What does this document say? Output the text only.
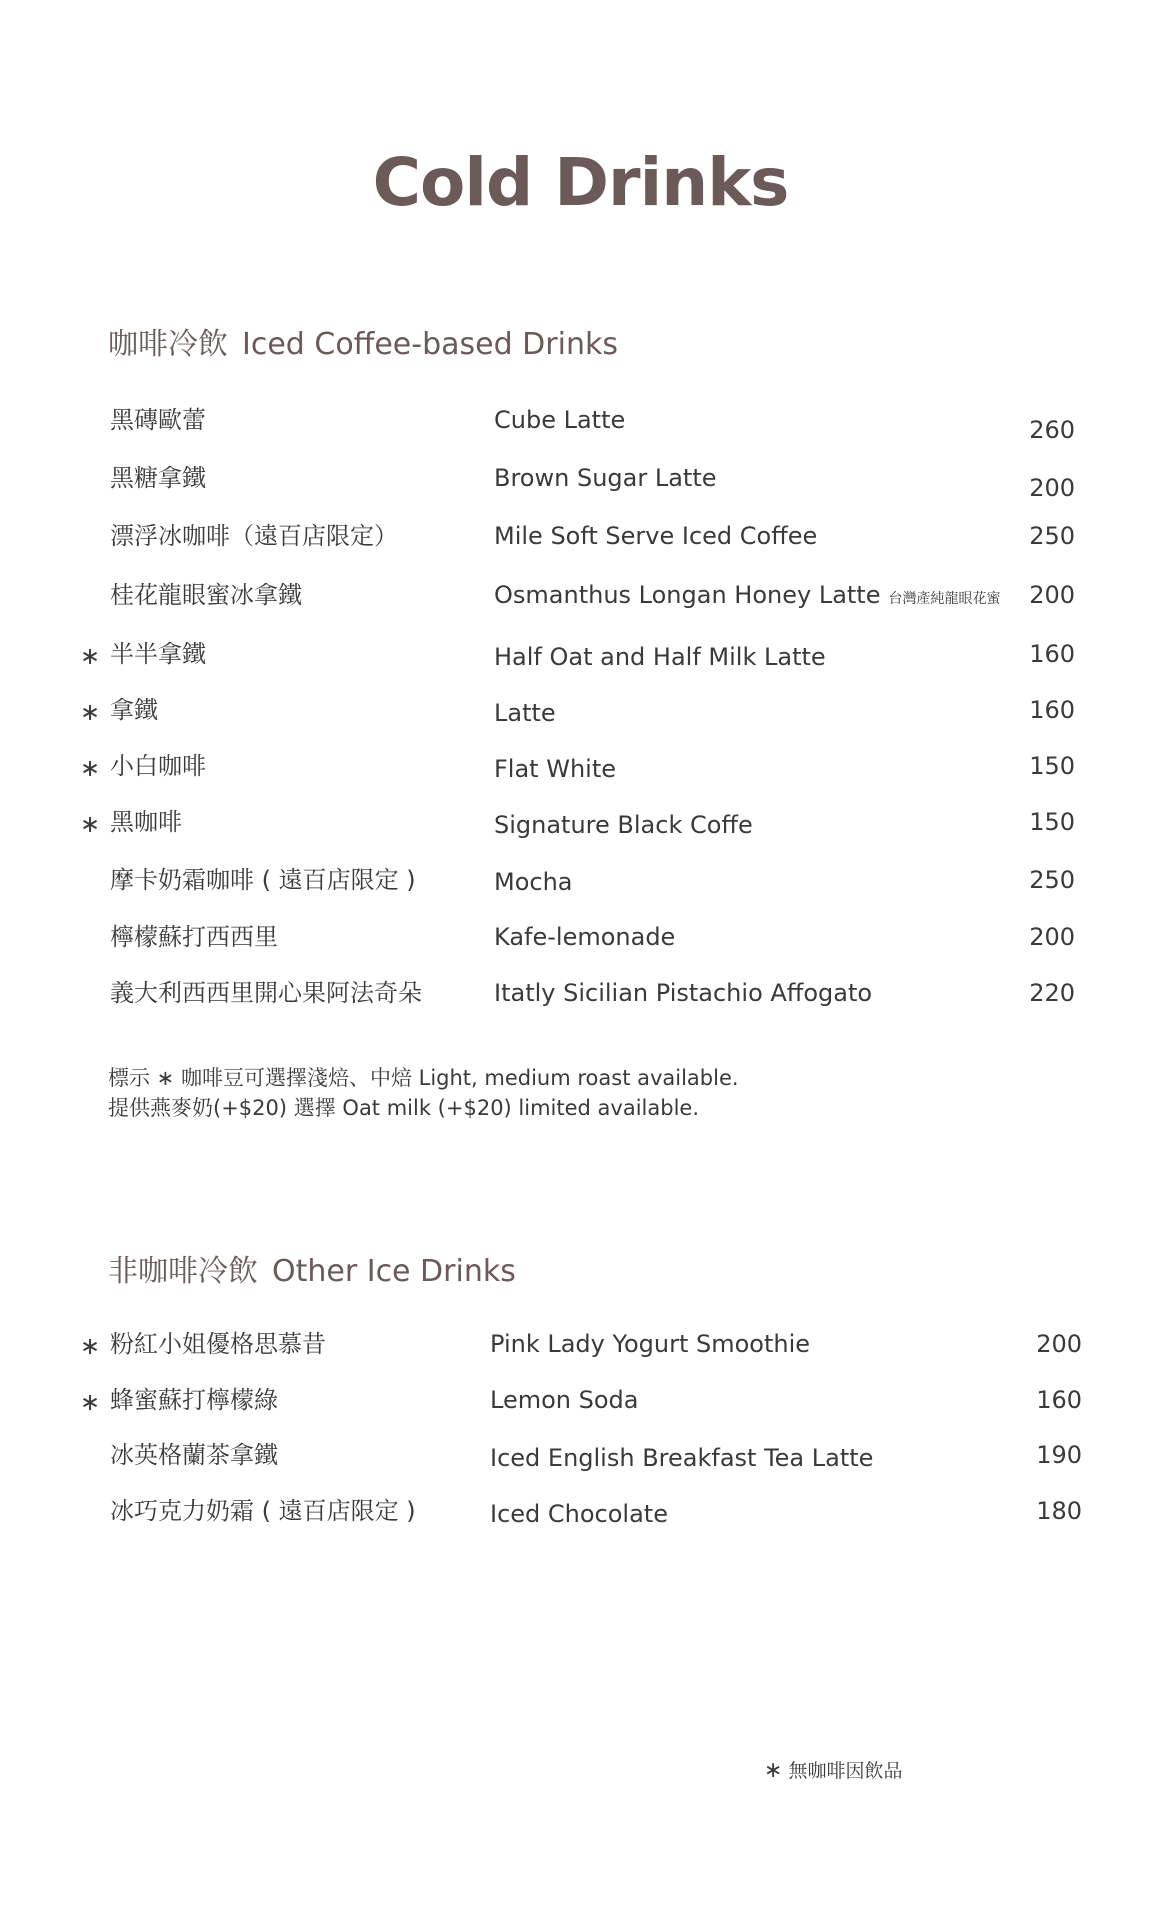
Cold Drinks
咖啡冷飲 Iced Coffee-based Drinks
黑磚歐蕾	Cube Latte	260
黑糖拿鐵	Brown Sugar Latte	200
漂浮冰咖啡（遠百店限定）	Mile Soft Serve Iced Coffee	250
桂花龍眼蜜冰拿鐵	Osmanthus Longan Honey Latte 台灣產純龍眼花蜜 200
∗ 半半拿鐵	Half Oat and Half Milk Latte	160
∗ 拿鐵	Latte	160
∗ 小白咖啡	Flat White	150
∗ 黑咖啡	Signature Black Coffe	150
摩卡奶霜咖啡 ( 遠百店限定 )	Mocha	250
檸檬蘇打西西里	Kafe-lemonade	200
義大利西西里開心果阿法奇朵	Itatly Sicilian Pistachio Affogato	220
標示 ∗ 咖啡豆可選擇淺焙、中焙 Light, medium roast available.
提供燕麥奶(+$20) 選擇 Oat milk (+$20) limited available.
非咖啡冷飲 Other Ice Drinks
∗ 粉紅小姐優格思慕昔	Pink Lady Yogurt Smoothie	200
∗ 蜂蜜蘇打檸檬綠	Lemon Soda	160
冰英格蘭茶拿鐵	Iced English Breakfast Tea Latte	190
冰巧克力奶霜 ( 遠百店限定 )	Iced Chocolate	180
∗ 無咖啡因飲品
